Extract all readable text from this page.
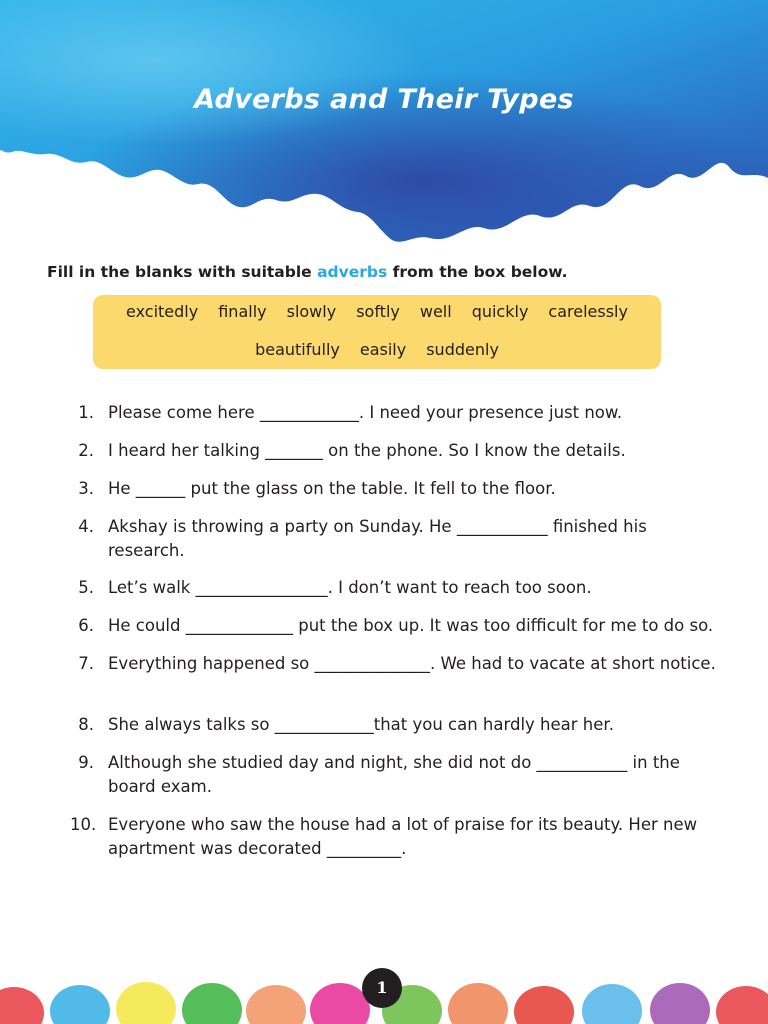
Adverbs and Their Types
Fill in the blanks with suitable adverbs from the box below.
excitedly	finally	slowly	softly	well	quickly	carelessly
beautifully	easily	suddenly
1. Please come here ____________. I need your presence just now.
2. I heard her talking _______ on the phone. So I know the details.
3. He ______ put the glass on the table. It fell to the floor.
4. Akshay is throwing a party on Sunday. He ___________ finished his research.
5. Let’s walk ________________. I don’t want to reach too soon.
6. He could _____________ put the box up. It was too difficult for me to do so.
7. Everything happened so ______________. We had to vacate at short notice.
8. She always talks so ____________that you can hardly hear her.
9. Although she studied day and night, she did not do ___________ in the board exam.
10. Everyone who saw the house had a lot of praise for its beauty. Her new apartment was decorated _________.
1
